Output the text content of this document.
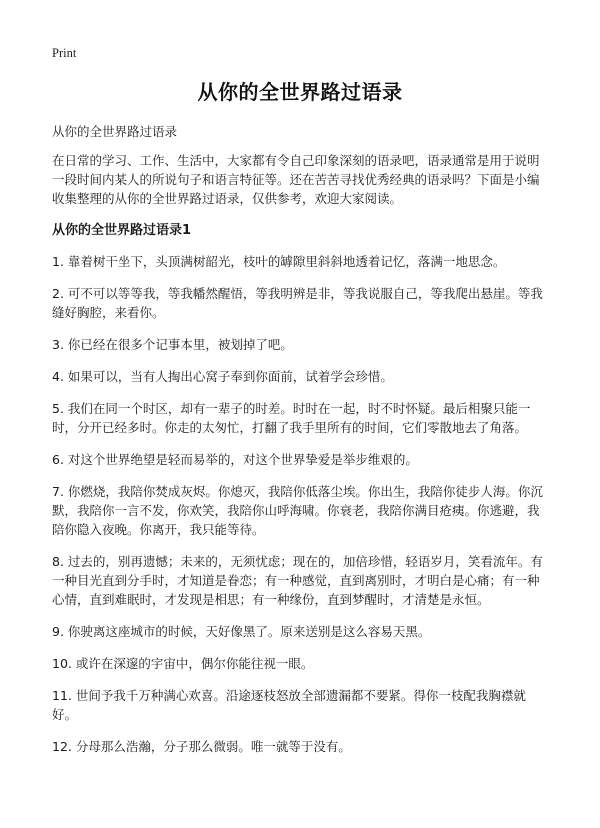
Print
从你的全世界路过语录

从你的全世界路过语录

在日常的学习、工作、生活中，大家都有令自己印象深刻的语录吧，语录通常是用于说明一段时间内某人的所说句子和语言特征等。还在苦苦寻找优秀经典的语录吗？下面是小编收集整理的从你的全世界路过语录，仅供参考，欢迎大家阅读。

从你的全世界路过语录1

1. 靠着树干坐下，头顶满树韶光，枝叶的罅隙里斜斜地透着记忆，落满一地思念。

2. 可不可以等等我，等我幡然醒悟，等我明辨是非，等我说服自己，等我爬出悬崖。等我缝好胸腔，来看你。

3. 你已经在很多个记事本里，被划掉了吧。

4. 如果可以，当有人掏出心窝子奉到你面前，试着学会珍惜。

5. 我们在同一个时区，却有一辈子的时差。时时在一起，时不时怀疑。最后相聚只能一时，分开已经多时。你走的太匆忙，打翻了我手里所有的时间，它们零散地去了角落。

6. 对这个世界绝望是轻而易举的，对这个世界挚爱是举步维艰的。

7. 你燃烧，我陪你焚成灰烬。你熄灭，我陪你低落尘埃。你出生，我陪你徒步人海。你沉默，我陪你一言不发，你欢笑，我陪你山呼海啸。你衰老，我陪你满目疮痍。你逃避，我陪你隐入夜晚。你离开，我只能等待。

8. 过去的，别再遗憾；未来的，无须忧虑；现在的，加倍珍惜，轻语岁月，笑看流年。有一种目光直到分手时，才知道是眷恋；有一种感觉，直到离别时，才明白是心痛；有一种心情，直到难眠时，才发现是相思；有一种缘份，直到梦醒时，才清楚是永恒。

9. 你驶离这座城市的时候，天好像黑了。原来送别是这么容易天黑。

10. 或许在深邃的宇宙中，偶尔你能往视一眼。

11. 世间予我千万种满心欢喜。沿途逐枝怒放全部遗漏都不要紧。得你一枝配我胸襟就好。

12. 分母那么浩瀚，分子那么微弱。唯一就等于没有。
